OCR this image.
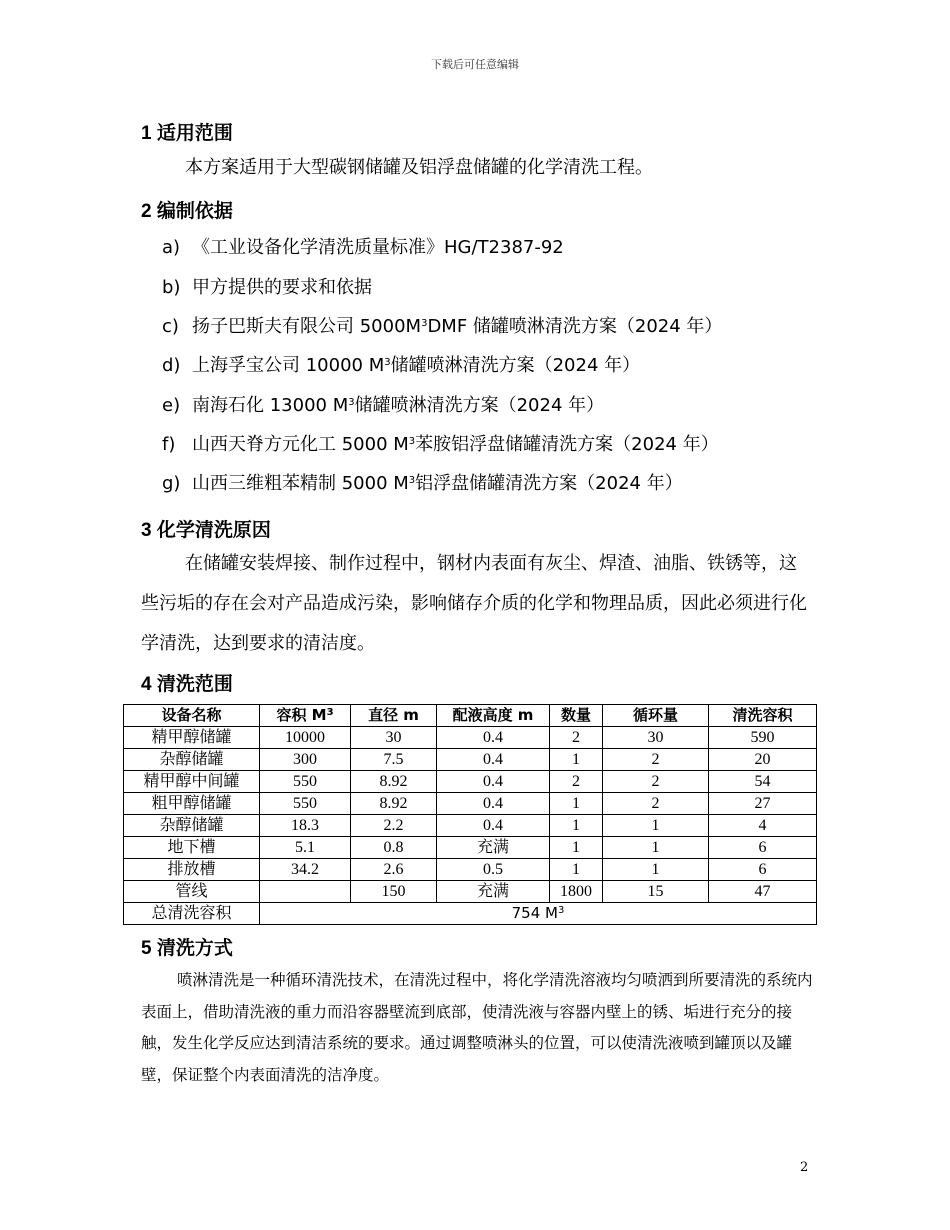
下载后可任意编辑
1 适用范围
本方案适用于大型碳钢储罐及铝浮盘储罐的化学清洗工程。
2 编制依据
a) 《工业设备化学清洗质量标准》HG/T2387-92
b) 甲方提供的要求和依据
c) 扬子巴斯夫有限公司 $5000M^3DMF$ 储罐喷淋清洗方案（2024 年）
d) 上海孚宝公司 10000 $M^3$储罐喷淋清洗方案（2024 年）
e) 南海石化 13000 $M^3$储罐喷淋清洗方案（2024 年）
f) 山西天脊方元化工 5000 $M^3$苯胺铝浮盘储罐清洗方案（2024 年）
g) 山西三维粗苯精制 5000 $M^3$铝浮盘储罐清洗方案（2024 年）
3 化学清洗原因
在储罐安装焊接、制作过程中，钢材内表面有灰尘、焊渣、油脂、铁锈等，这些污垢的存在会对产品造成污染，影响储存介质的化学和物理品质，因此必须进行化学清洗，达到要求的清洁度。
4 清洗范围
设备名称	容积 $M^3$	直径 m	配液高度 m	数量	循环量	清洗容积
精甲醇储罐	10000	30	0.4	2	30	590
杂醇储罐	300	7.5	0.4	1	2	20
精甲醇中间罐	550	8.92	0.4	2	2	54
粗甲醇储罐	550	8.92	0.4	1	2	27
杂醇储罐	18.3	2.2	0.4	1	1	4
地下槽	5.1	0.8	充满	1	1	6
排放槽	34.2	2.6	0.5	1	1	6
管线		150	充满	1800	15	47
总清洗容积	754 $M^3$
5 清洗方式
喷淋清洗是一种循环清洗技术，在清洗过程中，将化学清洗溶液均匀喷洒到所要清洗的系统内表面上，借助清洗液的重力而沿容器壁流到底部，使清洗液与容器内壁上的锈、垢进行充分的接触，发生化学反应达到清洁系统的要求。通过调整喷淋头的位置，可以使清洗液喷到罐顶以及罐壁，保证整个内表面清洗的洁净度。
2
